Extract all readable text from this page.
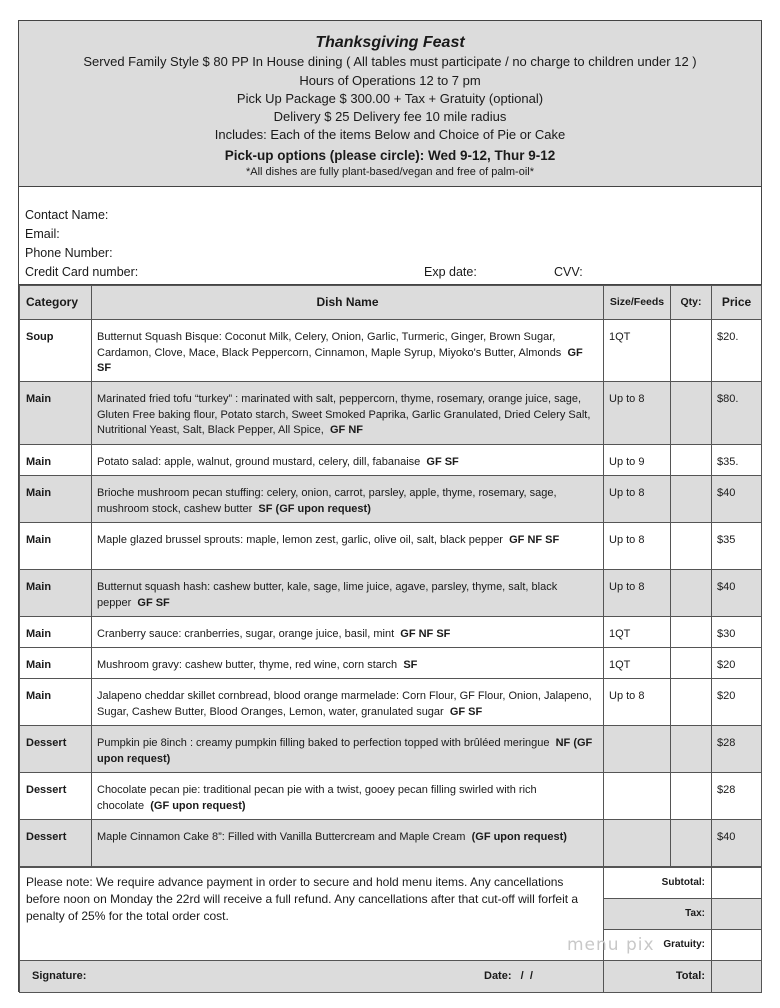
Thanksgiving Feast
Served Family Style $ 80 PP In House dining ( All tables must participate / no charge to children under 12 )
Hours of Operations 12 to 7 pm
Pick Up Package $ 300.00 + Tax + Gratuity (optional)
Delivery $ 25 Delivery fee 10 mile radius
Includes: Each of the items Below and Choice of Pie or Cake
Pick-up options (please circle): Wed 9-12, Thur 9-12
*All dishes are fully plant-based/vegan and free of palm-oil*
Contact Name:
Email:
Phone Number:
Credit Card number:	Exp date:	CVV:
Category	Dish Name	Size/Feeds	Qty:	Price
Soup	Butternut Squash Bisque: Coconut Milk, Celery, Onion, Garlic, Turmeric, Ginger, Brown Sugar, Cardamon, Clove, Mace, Black Peppercorn, Cinnamon, Maple Syrup, Miyoko's Butter, Almonds GF SF	1QT		$20.
Main	Marinated fried tofu “turkey” : marinated with salt, peppercorn, thyme, rosemary, orange juice, sage, Gluten Free baking flour, Potato starch, Sweet Smoked Paprika, Garlic Granulated, Dried Celery Salt, Nutritional Yeast, Salt, Black Pepper, All Spice, GF NF	Up to 8		$80.
Main	Potato salad: apple, walnut, ground mustard, celery, dill, fabanaise GF SF	Up to 9		$35.
Main	Brioche mushroom pecan stuffing: celery, onion, carrot, parsley, apple, thyme, rosemary, sage, mushroom stock, cashew butter SF (GF upon request)	Up to 8		$40
Main	Maple glazed brussel sprouts: maple, lemon zest, garlic, olive oil, salt, black pepper GF NF SF	Up to 8		$35
Main	Butternut squash hash: cashew butter, kale, sage, lime juice, agave, parsley, thyme, salt, black pepper GF SF	Up to 8		$40
Main	Cranberry sauce: cranberries, sugar, orange juice, basil, mint GF NF SF	1QT		$30
Main	Mushroom gravy: cashew butter, thyme, red wine, corn starch SF	1QT		$20
Main	Jalapeno cheddar skillet cornbread, blood orange marmelade: Corn Flour, GF Flour, Onion, Jalapeno, Sugar, Cashew Butter, Blood Oranges, Lemon, water, granulated sugar GF SF	Up to 8		$20
Dessert	Pumpkin pie 8inch : creamy pumpkin filling baked to perfection topped with brûléed meringue NF (GF upon request)			$28
Dessert	Chocolate pecan pie: traditional pecan pie with a twist, gooey pecan filling swirled with rich chocolate (GF upon request)			$28
Dessert	Maple Cinnamon Cake 8”: Filled with Vanilla Buttercream and Maple Cream (GF upon request)			$40
Please note: We require advance payment in order to secure and hold menu items. Any cancellations before noon on Monday the 22rd will receive a full refund. Any cancellations after that cut-off will forfeit a penalty of 25% for the total order cost.	Subtotal:	
	Tax:	
	Gratuity:	
Signature: Date:   /  /	Total:	
menu pix
